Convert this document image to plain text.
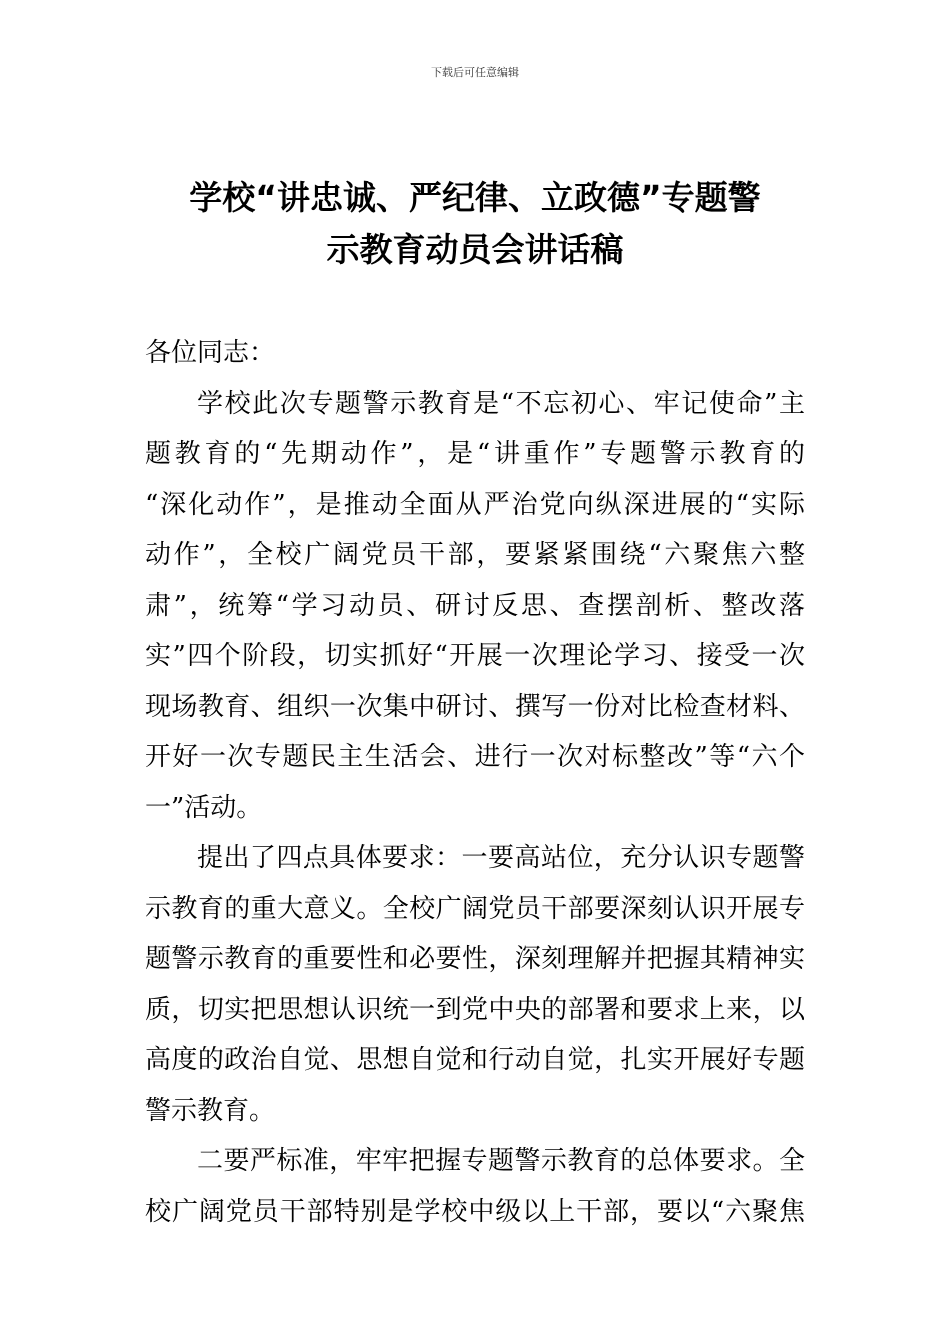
下载后可任意编辑
学校“讲忠诚、严纪律、立政德”专题警
示教育动员会讲话稿

各位同志：

学校此次专题警示教育是“不忘初心、牢记使命”主
题教育的“先期动作”，是“讲重作”专题警示教育的
“深化动作”，是推动全面从严治党向纵深进展的“实际
动作”，全校广阔党员干部，要紧紧围绕“六聚焦六整
肃”，统筹“学习动员、研讨反思、查摆剖析、整改落
实”四个阶段，切实抓好“开展一次理论学习、接受一次
现场教育、组织一次集中研讨、撰写一份对比检查材料、
开好一次专题民主生活会、进行一次对标整改”等“六个
一”活动。

提出了四点具体要求：一要高站位，充分认识专题警
示教育的重大意义。全校广阔党员干部要深刻认识开展专
题警示教育的重要性和必要性，深刻理解并把握其精神实
质，切实把思想认识统一到党中央的部署和要求上来，以
高度的政治自觉、思想自觉和行动自觉，扎实开展好专题
警示教育。

二要严标准，牢牢把握专题警示教育的总体要求。全
校广阔党员干部特别是学校中级以上干部，要以“六聚焦
